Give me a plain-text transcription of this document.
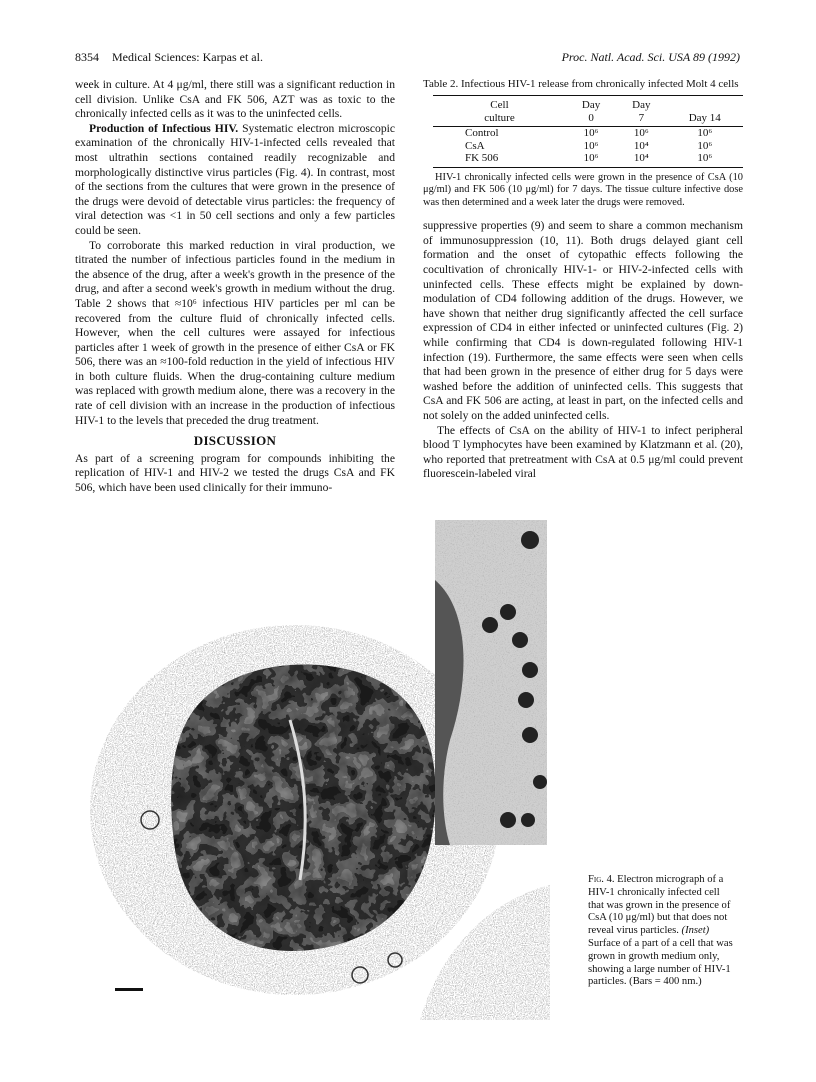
8354 Medical Sciences: Karpas et al.	Proc. Natl. Acad. Sci. USA 89 (1992)

week in culture. At 4 μg/ml, there still was a significant reduction in cell division. Unlike CsA and FK 506, AZT was as toxic to the chronically infected cells as it was to the uninfected cells.

Production of Infectious HIV. Systematic electron microscopic examination of the chronically HIV-1-infected cells revealed that most ultrathin sections contained readily recognizable and morphologically distinctive virus particles (Fig. 4). In contrast, most of the sections from the cultures that were grown in the presence of the drugs were devoid of detectable virus particles: the frequency of viral detection was <1 in 50 cell sections and only a few particles could be seen.

To corroborate this marked reduction in viral production, we titrated the number of infectious particles found in the medium in the absence of the drug, after a week's growth in the presence of the drug, and after a second week's growth in medium without the drug. Table 2 shows that ≈10⁶ infectious HIV particles per ml can be recovered from the culture fluid of chronically infected cells. However, when the cell cultures were assayed for infectious particles after 1 week of growth in the presence of either CsA or FK 506, there was an ≈100-fold reduction in the yield of infectious HIV in both culture fluids. When the drug-containing culture medium was replaced with growth medium alone, there was a recovery in the rate of cell division with an increase in the production of infectious HIV-1 to the levels that preceded the drug treatment.

DISCUSSION

As part of a screening program for compounds inhibiting the replication of HIV-1 and HIV-2 we tested the drugs CsA and FK 506, which have been used clinically for their immuno-

Table 2. Infectious HIV-1 release from chronically infected Molt 4 cells
Cell	Day	Day	
culture	0	7	Day 14
Control	10⁶	10⁶	10⁶
CsA	10⁶	10⁴	10⁶
FK 506	10⁶	10⁴	10⁶
HIV-1 chronically infected cells were grown in the presence of CsA (10 μg/ml) and FK 506 (10 μg/ml) for 7 days. The tissue culture infective dose was then determined and a week later the drugs were removed.

suppressive properties (9) and seem to share a common mechanism of immunosuppression (10, 11). Both drugs delayed giant cell formation and the onset of cytopathic effects following the cocultivation of chronically HIV-1- or HIV-2-infected cells with uninfected cells. These effects might be explained by down-modulation of CD4 following addition of the drugs. However, we have shown that neither drug significantly affected the cell surface expression of CD4 in either infected or uninfected cultures (Fig. 2) while confirming that CD4 is down-regulated following HIV-1 infection (19). Furthermore, the same effects were seen when cells that had been grown in the presence of either drug for 5 days were washed before the addition of uninfected cells. This suggests that CsA and FK 506 are acting, at least in part, on the infected cells and not solely on the added uninfected cells.

The effects of CsA on the ability of HIV-1 to infect peripheral blood T lymphocytes have been examined by Klatzmann et al. (20), who reported that pretreatment with CsA at 0.5 μg/ml could prevent fluorescein-labeled viral

Fig. 4. Electron micrograph of a HIV-1 chronically infected cell that was grown in the presence of CsA (10 μg/ml) but that does not reveal virus particles. (Inset) Surface of a part of a cell that was grown in growth medium only, showing a large number of HIV-1 particles. (Bars = 400 nm.)
